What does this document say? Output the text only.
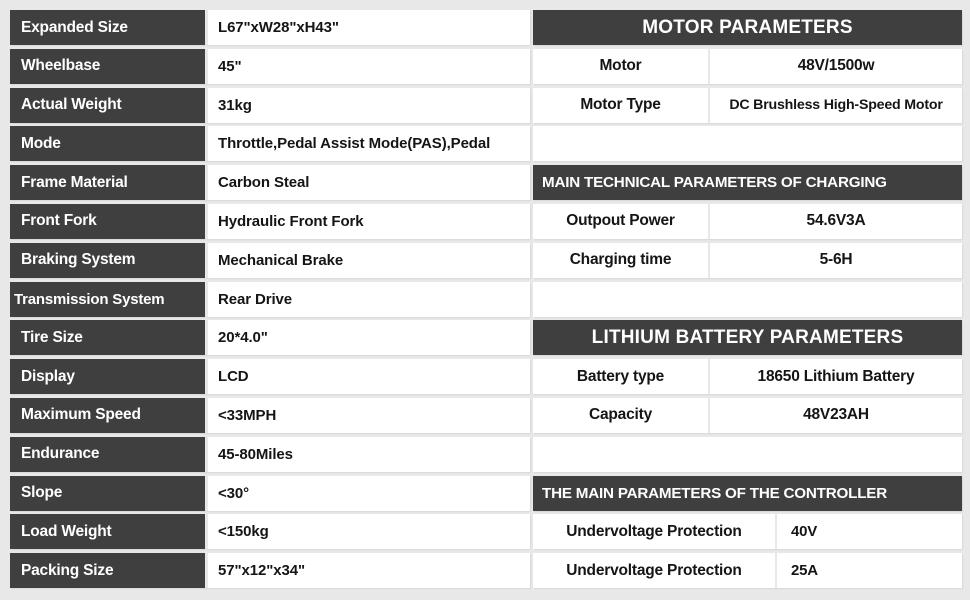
Expanded Size	L67"xW28"xH43"
Wheelbase	45"
Actual Weight	31kg
Mode	Throttle,Pedal Assist Mode(PAS),Pedal
Frame Material	Carbon Steal
Front Fork	Hydraulic Front Fork
Braking System	Mechanical Brake
Transmission System	Rear Drive
Tire Size	20*4.0"
Display	LCD
Maximum Speed	<33MPH
Endurance	45-80Miles
Slope	<30°
Load Weight	<150kg
Packing Size	57"x12"x34"
MOTOR PARAMETERS
Motor	48V/1500w
Motor Type	DC Brushless High-Speed Motor
MAIN TECHNICAL PARAMETERS OF CHARGING
Outpout Power	54.6V3A
Charging time	5-6H
LITHIUM BATTERY PARAMETERS
Battery type	18650 Lithium Battery
Capacity	48V23AH
THE MAIN PARAMETERS OF THE CONTROLLER
Undervoltage Protection	40V
Undervoltage Protection	25A
